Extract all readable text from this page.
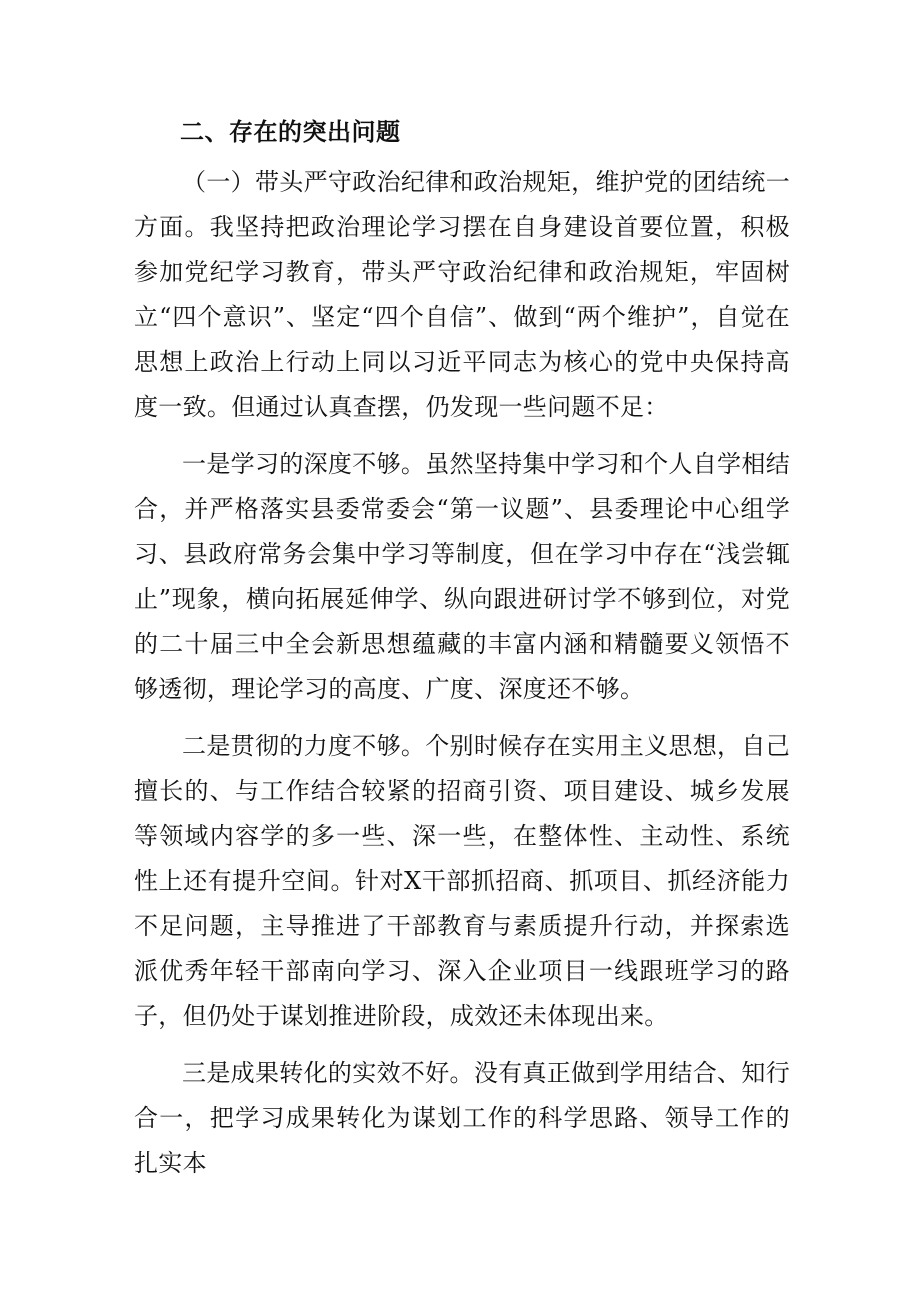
二、存在的突出问题

（一）带头严守政治纪律和政治规矩，维护党的团结统一方面。我坚持把政治理论学习摆在自身建设首要位置，积极参加党纪学习教育，带头严守政治纪律和政治规矩，牢固树立“四个意识”、坚定“四个自信”、做到“两个维护”，自觉在思想上政治上行动上同以习近平同志为核心的党中央保持高度一致。但通过认真查摆，仍发现一些问题不足：

一是学习的深度不够。虽然坚持集中学习和个人自学相结合，并严格落实县委常委会“第一议题”、县委理论中心组学习、县政府常务会集中学习等制度，但在学习中存在“浅尝辄止”现象，横向拓展延伸学、纵向跟进研讨学不够到位，对党的二十届三中全会新思想蕴藏的丰富内涵和精髓要义领悟不够透彻，理论学习的高度、广度、深度还不够。

二是贯彻的力度不够。个别时候存在实用主义思想，自己擅长的、与工作结合较紧的招商引资、项目建设、城乡发展等领域内容学的多一些、深一些，在整体性、主动性、系统性上还有提升空间。针对X干部抓招商、抓项目、抓经济能力不足问题，主导推进了干部教育与素质提升行动，并探索选派优秀年轻干部南向学习、深入企业项目一线跟班学习的路子，但仍处于谋划推进阶段，成效还未体现出来。

三是成果转化的实效不好。没有真正做到学用结合、知行合一，把学习成果转化为谋划工作的科学思路、领导工作的扎实本
